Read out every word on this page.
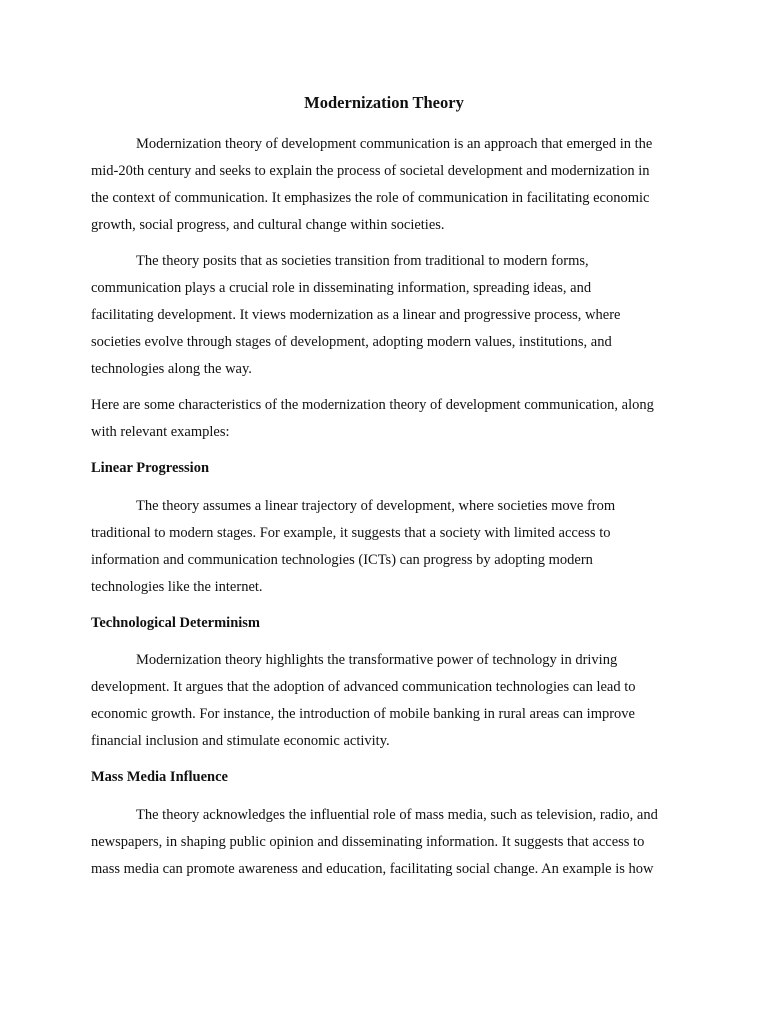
Modernization Theory

Modernization theory of development communication is an approach that emerged in the
mid-20th century and seeks to explain the process of societal development and modernization in
the context of communication. It emphasizes the role of communication in facilitating economic
growth, social progress, and cultural change within societies.

The theory posits that as societies transition from traditional to modern forms,
communication plays a crucial role in disseminating information, spreading ideas, and
facilitating development. It views modernization as a linear and progressive process, where
societies evolve through stages of development, adopting modern values, institutions, and
technologies along the way.

Here are some characteristics of the modernization theory of development communication, along
with relevant examples:

Linear Progression

The theory assumes a linear trajectory of development, where societies move from
traditional to modern stages. For example, it suggests that a society with limited access to
information and communication technologies (ICTs) can progress by adopting modern
technologies like the internet.

Technological Determinism

Modernization theory highlights the transformative power of technology in driving
development. It argues that the adoption of advanced communication technologies can lead to
economic growth. For instance, the introduction of mobile banking in rural areas can improve
financial inclusion and stimulate economic activity.

Mass Media Influence

The theory acknowledges the influential role of mass media, such as television, radio, and
newspapers, in shaping public opinion and disseminating information. It suggests that access to
mass media can promote awareness and education, facilitating social change. An example is how
